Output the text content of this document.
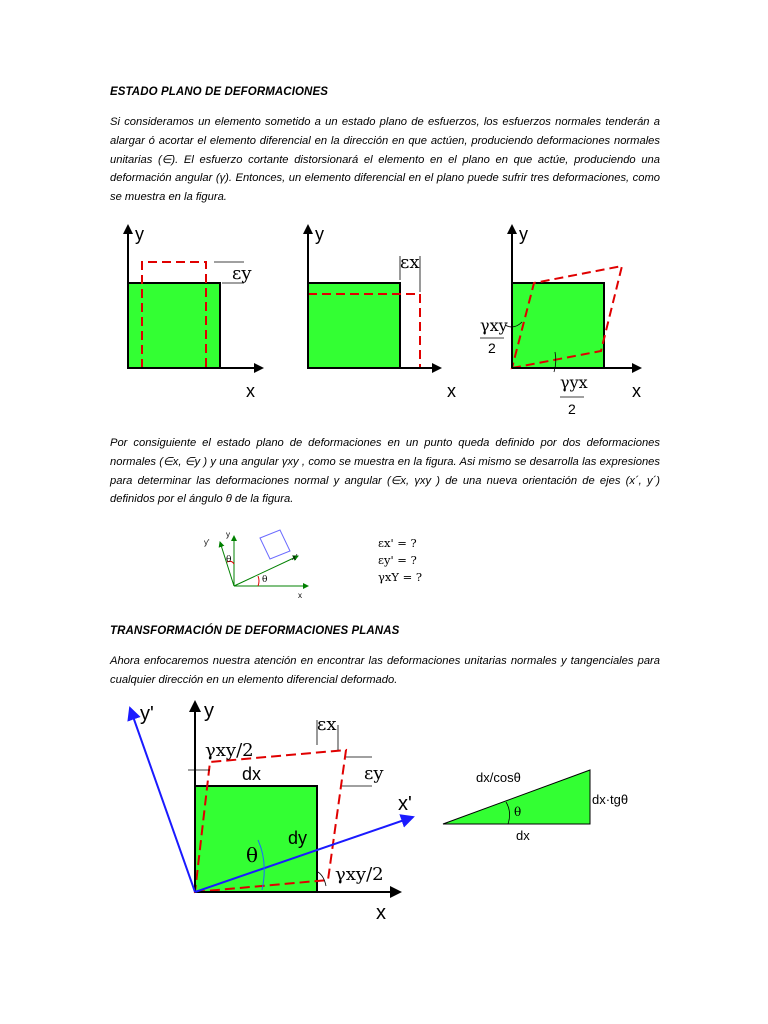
ESTADO PLANO DE DEFORMACIONES

Si consideramos un elemento sometido a un estado plano de esfuerzos, los esfuerzos normales tenderán a alargar ó acortar el elemento diferencial en la dirección en que actúen, produciendo deformaciones normales unitarias (∈). El esfuerzo cortante distorsionará el elemento en el plano en que actúe, produciendo una deformación angular (γ). Entonces, un elemento diferencial en el plano puede sufrir tres deformaciones, como se muestra en la figura.

y
x
εy
y
x
εx
y
x
γxy
2
γyx
2

Por consiguiente el estado plano de deformaciones en un punto queda definido por dos deformaciones normales (∈x, ∈y ) y una angular γxy , como se muestra en la figura. Asi mismo se desarrolla las expresiones para determinar las deformaciones normal y angular (∈x, γxy ) de una nueva orientación de ejes (x´, y´) definidos por el ángulo θ de la figura.

y
y'
x
x'
θ
θ
εx' = ?
εy' = ?
γxY = ?
TRANSFORMACIÓN DE DEFORMACIONES PLANAS

Ahora enfocaremos nuestra atención en encontrar las deformaciones unitarias normales y tangenciales para cualquier dirección en un elemento diferencial deformado.

y
y'
x
x'
γxy/2
dx
dy
θ
εx
εy
γxy/2
dx/cosθ
dx·tgθ
dx
θ
